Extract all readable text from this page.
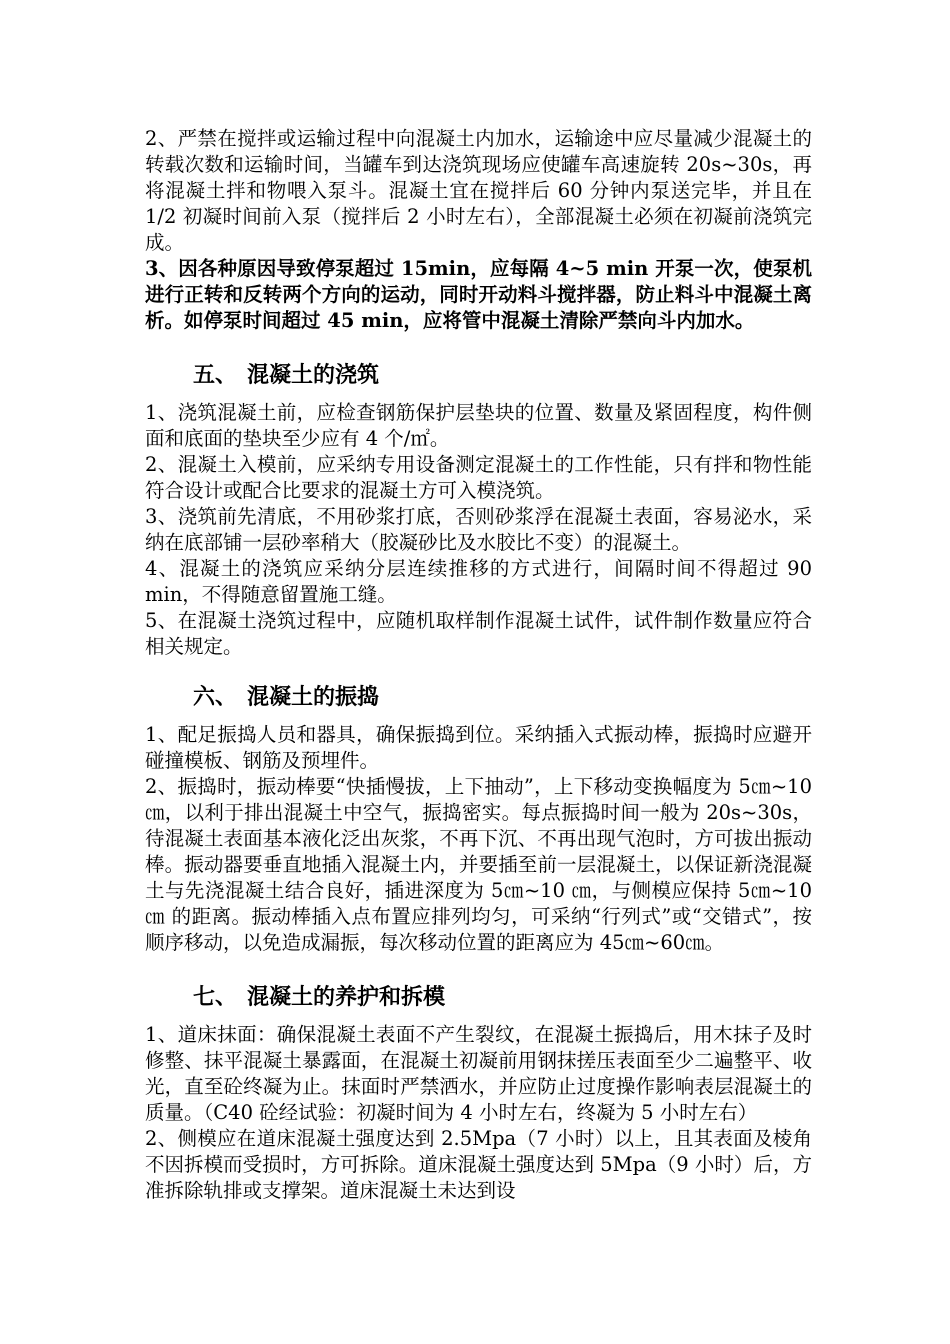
2、严禁在搅拌或运输过程中向混凝土内加水，运输途中应尽量减少混凝土的转载次数和运输时间，当罐车到达浇筑现场应使罐车高速旋转 20s~30s，再将混凝土拌和物喂入泵斗。混凝土宜在搅拌后 60 分钟内泵送完毕，并且在 1/2 初凝时间前入泵（搅拌后 2 小时左右），全部混凝土必须在初凝前浇筑完成。

3、因各种原因导致停泵超过 15min，应每隔 4~5 min 开泵一次，使泵机进行正转和反转两个方向的运动，同时开动料斗搅拌器，防止料斗中混凝土离析。如停泵时间超过 45 min，应将管中混凝土清除严禁向斗内加水。

五、 混凝土的浇筑

1、浇筑混凝土前，应检查钢筋保护层垫块的位置、数量及紧固程度，构件侧面和底面的垫块至少应有 4 个/㎡。

2、混凝土入模前，应采纳专用设备测定混凝土的工作性能，只有拌和物性能符合设计或配合比要求的混凝土方可入模浇筑。

3、浇筑前先清底，不用砂浆打底，否则砂浆浮在混凝土表面，容易泌水，采纳在底部铺一层砂率稍大（胶凝砂比及水胶比不变）的混凝土。

4、混凝土的浇筑应采纳分层连续推移的方式进行，间隔时间不得超过 90 min，不得随意留置施工缝。

5、在混凝土浇筑过程中，应随机取样制作混凝土试件，试件制作数量应符合相关规定。

六、 混凝土的振捣

1、配足振捣人员和器具，确保振捣到位。采纳插入式振动棒，振捣时应避开碰撞模板、钢筋及预埋件。

2、振捣时，振动棒要“快插慢拔，上下抽动”，上下移动变换幅度为 5㎝~10 ㎝，以利于排出混凝土中空气，振捣密实。每点振捣时间一般为 20s~30s，待混凝土表面基本液化泛出灰浆，不再下沉、不再出现气泡时，方可拔出振动棒。振动器要垂直地插入混凝土内，并要插至前一层混凝土，以保证新浇混凝土与先浇混凝土结合良好，插进深度为 5㎝~10 ㎝，与侧模应保持 5㎝~10 ㎝ 的距离。振动棒插入点布置应排列均匀，可采纳“行列式”或“交错式”，按顺序移动，以免造成漏振，每次移动位置的距离应为 45㎝~60㎝。

七、 混凝土的养护和拆模

1、道床抹面：确保混凝土表面不产生裂纹，在混凝土振捣后，用木抹子及时修整、抹平混凝土暴露面，在混凝土初凝前用钢抹搓压表面至少二遍整平、收光，直至砼终凝为止。抹面时严禁洒水，并应防止过度操作影响表层混凝土的质量。（C40 砼经试验：初凝时间为 4 小时左右，终凝为 5 小时左右）

2、侧模应在道床混凝土强度达到 2.5Mpa（7 小时）以上，且其表面及棱角不因拆模而受损时，方可拆除。道床混凝土强度达到 5Mpa（9 小时）后，方准拆除轨排或支撑架。道床混凝土未达到设
